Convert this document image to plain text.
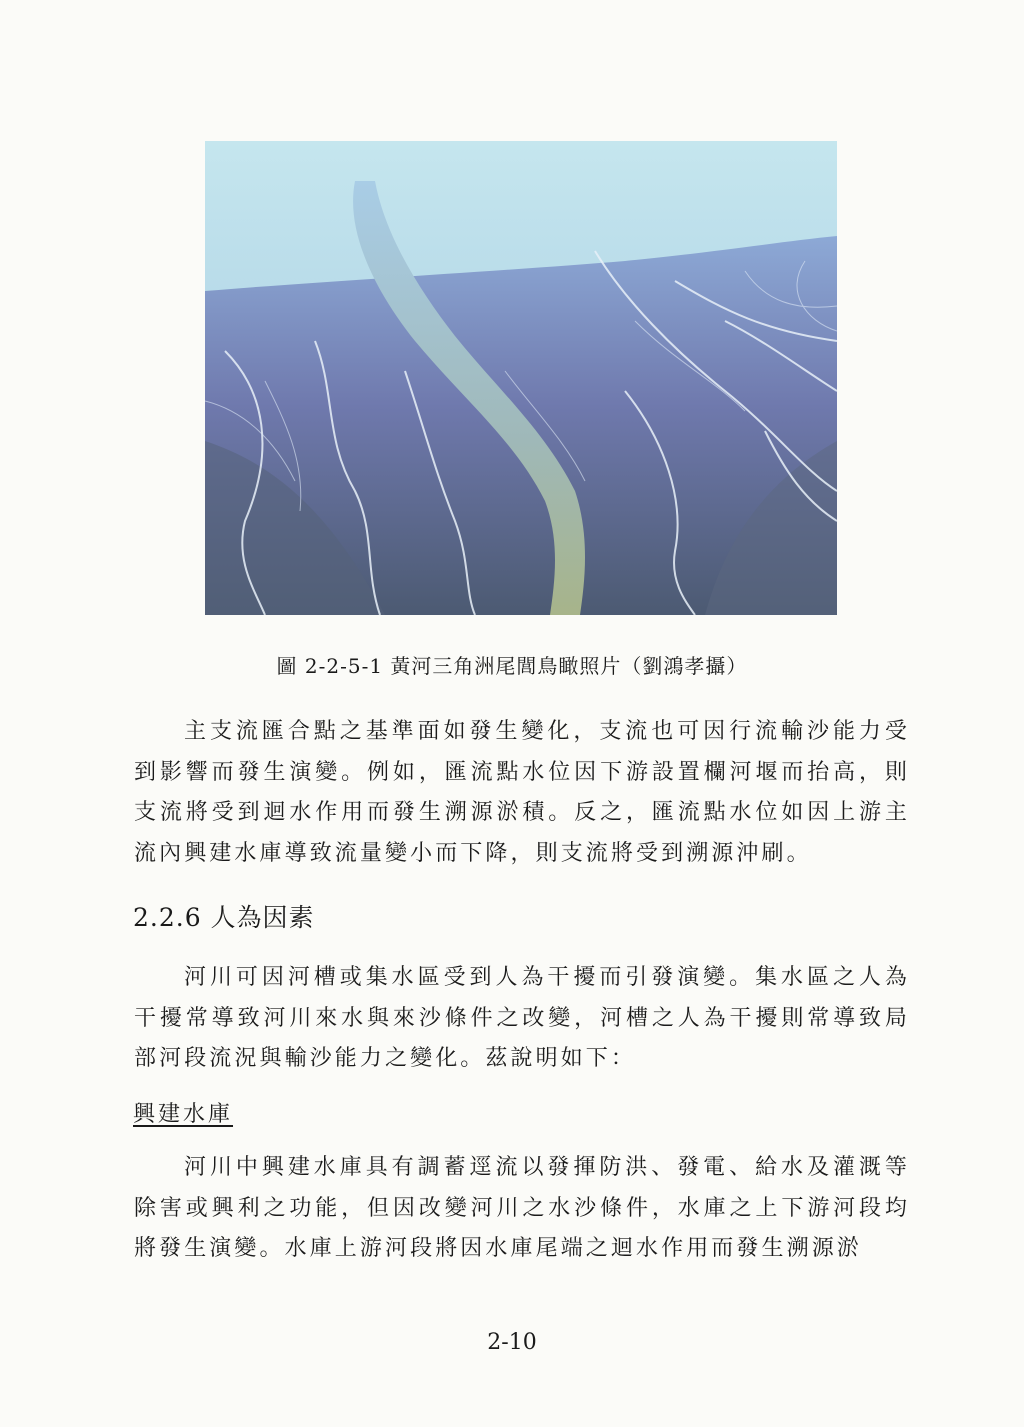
圖 2-2-5-1 黃河三角洲尾閭鳥瞰照片（劉鴻孝攝）

主支流匯合點之基準面如發生變化，支流也可因行流輸沙能力受到影響而發生演變。例如，匯流點水位因下游設置欄河堰而抬高，則支流將受到迴水作用而發生溯源淤積。反之，匯流點水位如因上游主流內興建水庫導致流量變小而下降，則支流將受到溯源沖刷。

2.2.6 人為因素

河川可因河槽或集水區受到人為干擾而引發演變。集水區之人為干擾常導致河川來水與來沙條件之改變，河槽之人為干擾則常導致局部河段流況與輸沙能力之變化。茲說明如下：

興建水庫

河川中興建水庫具有調蓄逕流以發揮防洪、發電、給水及灌溉等除害或興利之功能，但因改變河川之水沙條件，水庫之上下游河段均將發生演變。水庫上游河段將因水庫尾端之迴水作用而發生溯源淤

2-10
